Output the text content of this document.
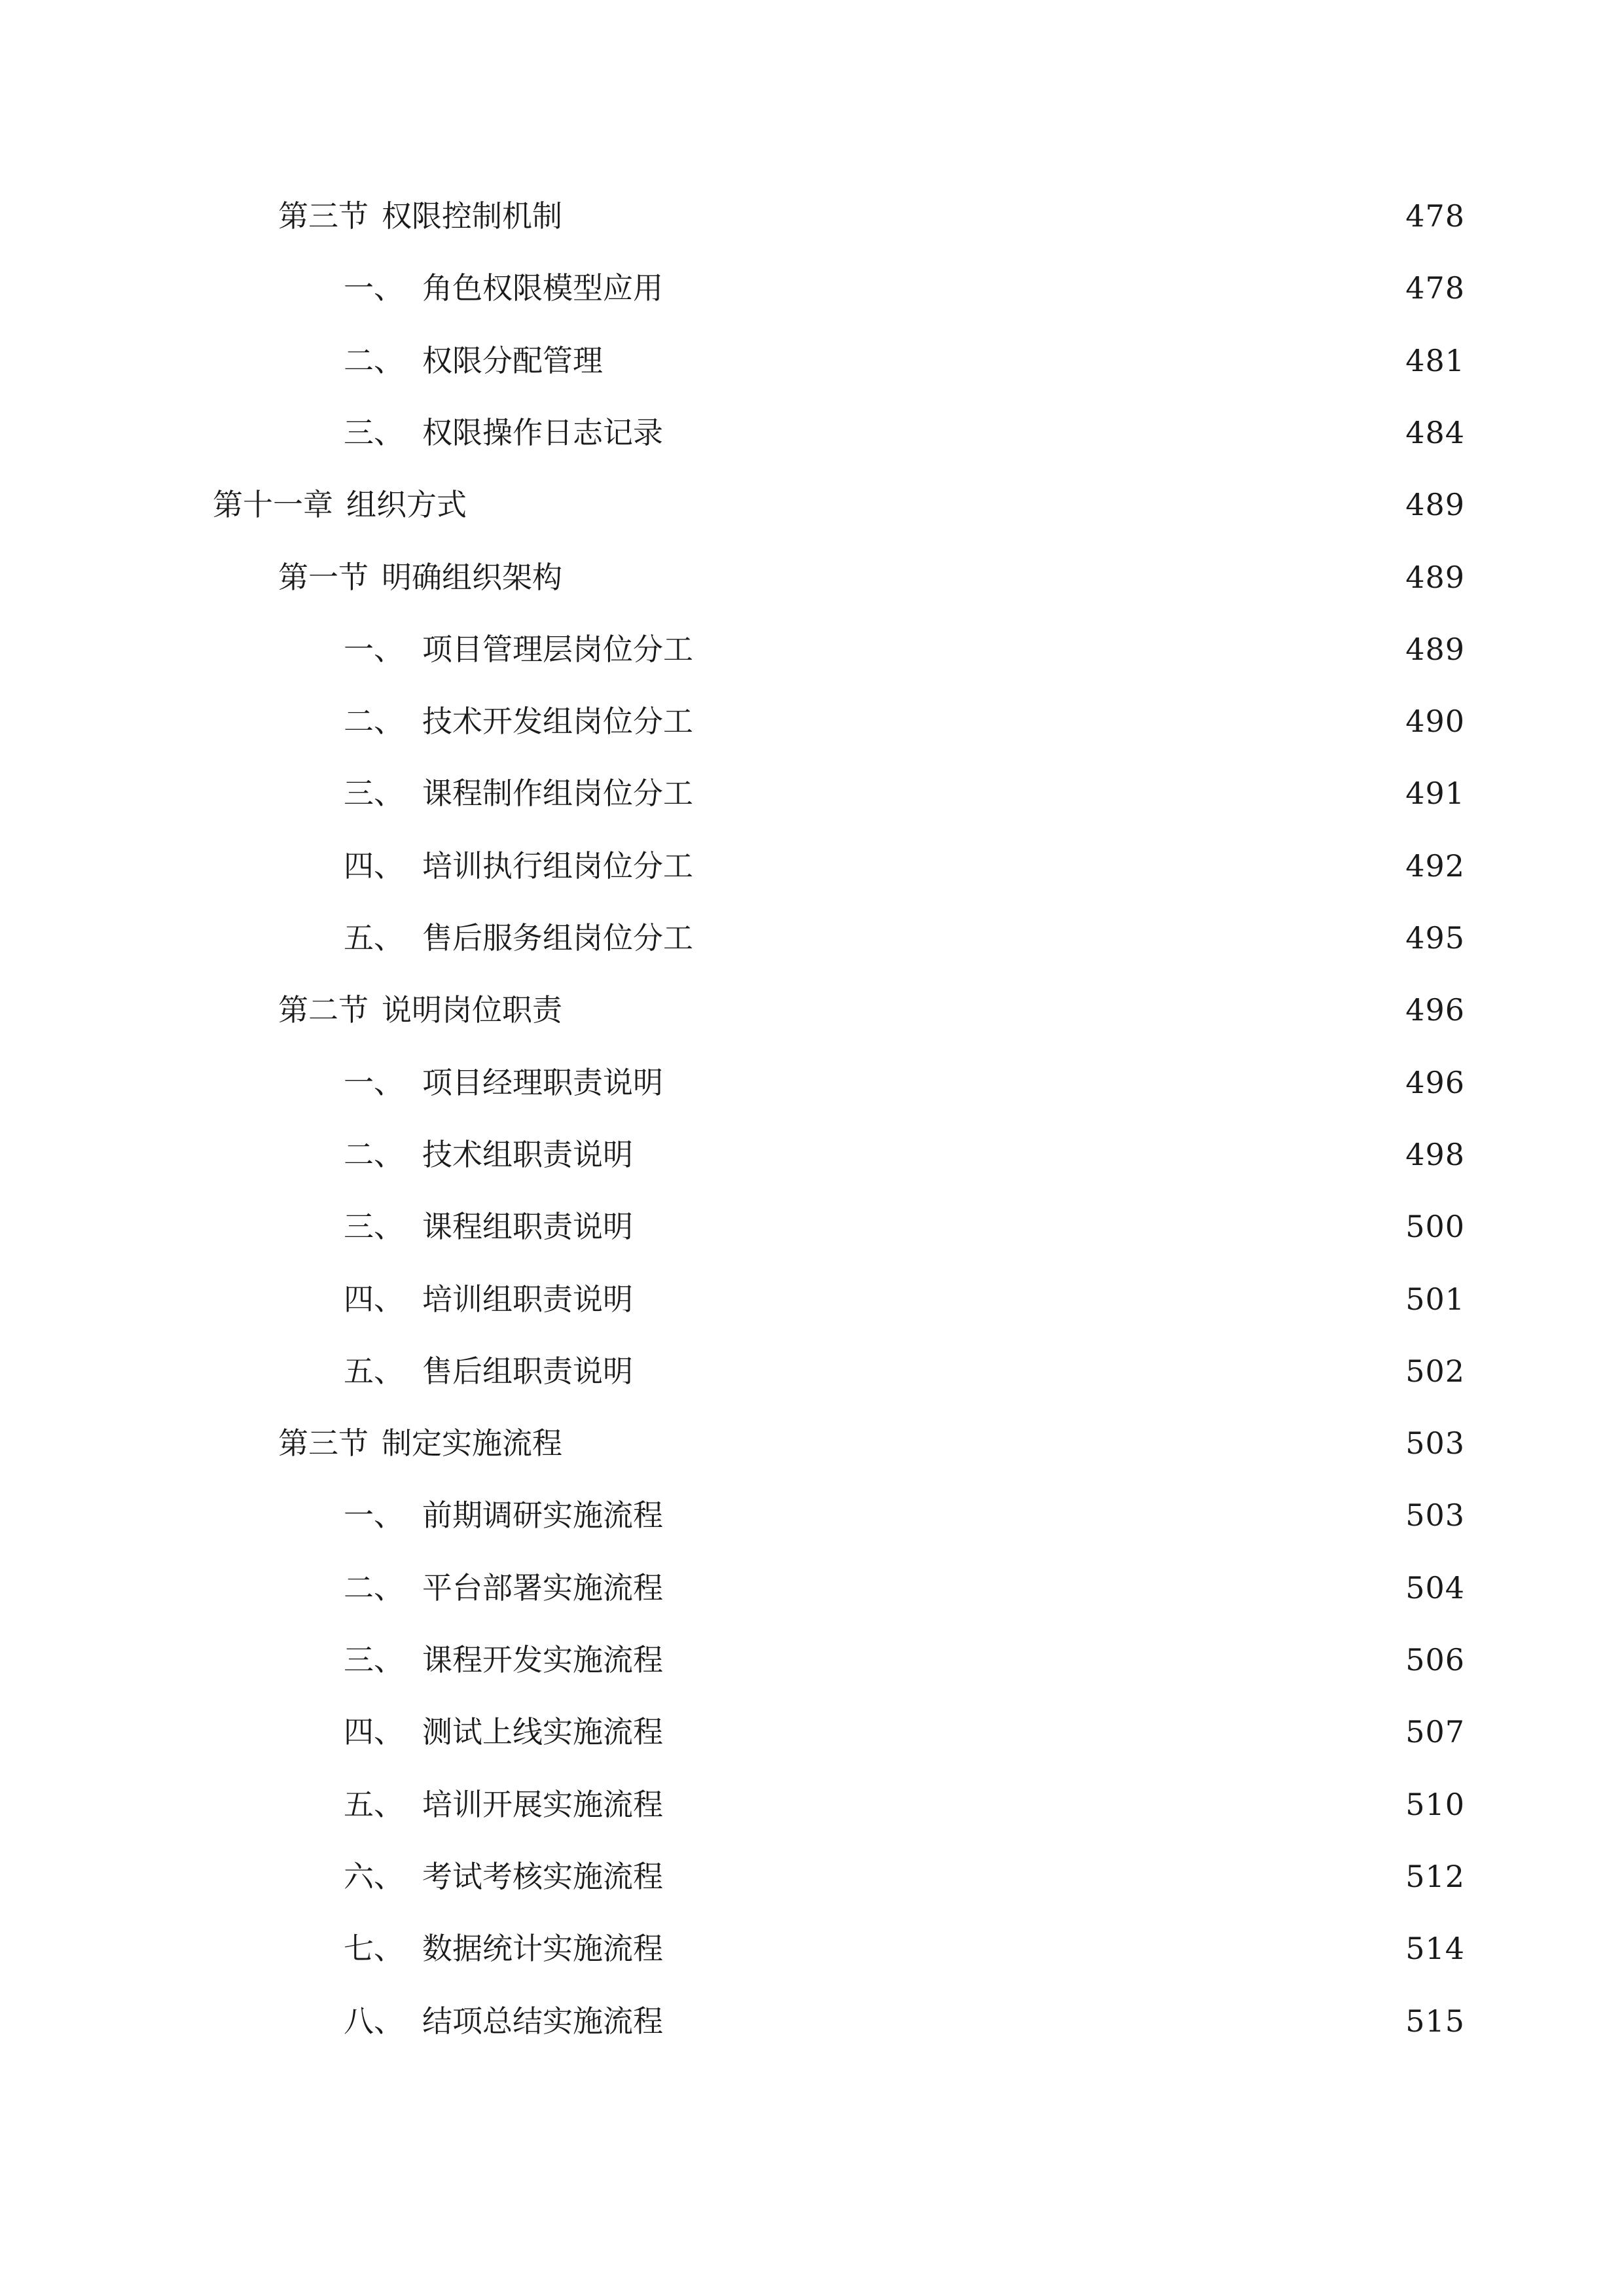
第三节 权限控制机制	478
一、 角色权限模型应用	478
二、 权限分配管理	481
三、 权限操作日志记录	484
第十一章 组织方式	489
第一节 明确组织架构	489
一、 项目管理层岗位分工	489
二、 技术开发组岗位分工	490
三、 课程制作组岗位分工	491
四、 培训执行组岗位分工	492
五、 售后服务组岗位分工	495
第二节 说明岗位职责	496
一、 项目经理职责说明	496
二、 技术组职责说明	498
三、 课程组职责说明	500
四、 培训组职责说明	501
五、 售后组职责说明	502
第三节 制定实施流程	503
一、 前期调研实施流程	503
二、 平台部署实施流程	504
三、 课程开发实施流程	506
四、 测试上线实施流程	507
五、 培训开展实施流程	510
六、 考试考核实施流程	512
七、 数据统计实施流程	514
八、 结项总结实施流程	515
